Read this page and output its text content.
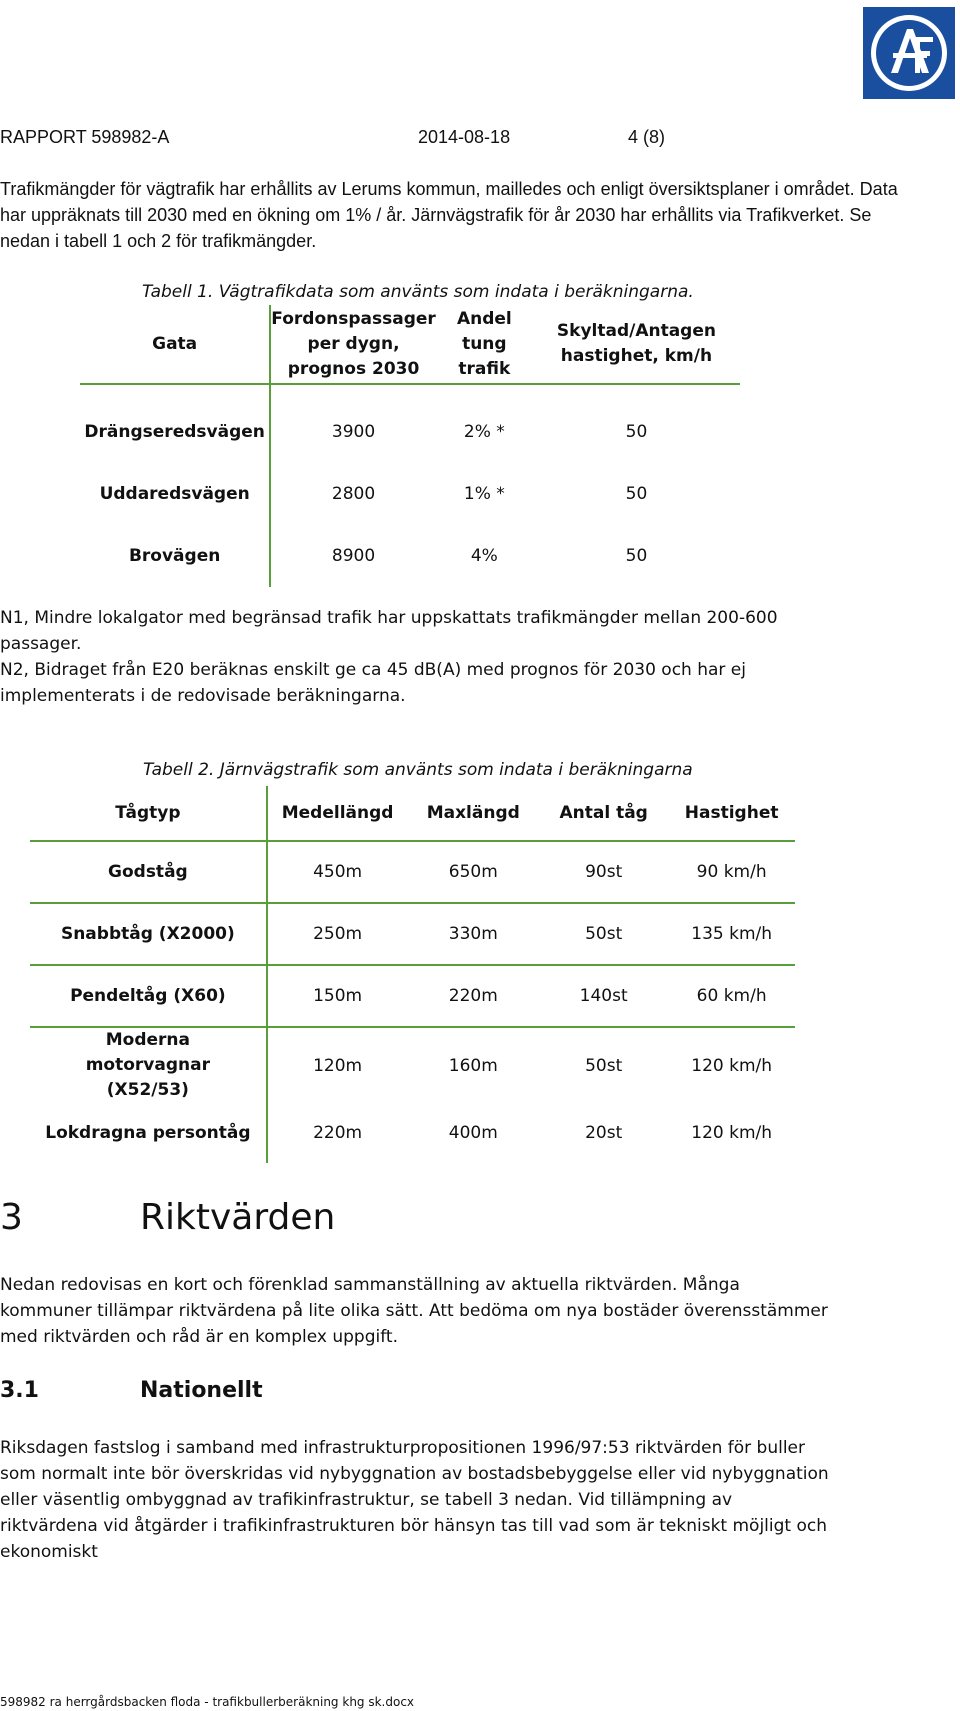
RAPPORT 598982-A	2014-08-18	4 (8)
Trafikmängder för vägtrafik har erhållits av Lerums kommun, mailledes och enligt översiktsplaner i området. Data har uppräknats till 2030 med en ökning om 1% / år. Järnvägstrafik för år 2030 har erhållits via Trafikverket. Se nedan i tabell 1 och 2 för trafikmängder.
Tabell 1. Vägtrafikdata som använts som indata i beräkningarna.
Gata	Fordonspassager per dygn, prognos 2030	Andel tung trafik	Skyltad/Antagen hastighet, km/h

Drängseredsvägen	3900	2% *	50
Uddaredsvägen	2800	1% *	50
Brovägen	8900	4%	50
N1, Mindre lokalgator med begränsad trafik har uppskattats trafikmängder mellan 200-600 passager.
N2, Bidraget från E20 beräknas enskilt ge ca 45 dB(A) med prognos för 2030 och har ej implementerats i de redovisade beräkningarna.
Tabell 2. Järnvägstrafik som använts som indata i beräkningarna
Tågtyp	Medellängd	Maxlängd	Antal tåg	Hastighet
Godståg	450m	650m	90st	90 km/h
Snabbtåg (X2000)	250m	330m	50st	135 km/h
Pendeltåg (X60)	150m	220m	140st	60 km/h
Moderna motorvagnar (X52/53)	120m	160m	50st	120 km/h
Lokdragna persontåg	220m	400m	20st	120 km/h
3	Riktvärden
Nedan redovisas en kort och förenklad sammanställning av aktuella riktvärden. Många kommuner tillämpar riktvärdena på lite olika sätt. Att bedöma om nya bostäder överensstämmer med riktvärden och råd är en komplex uppgift.
3.1	Nationellt
Riksdagen fastslog i samband med infrastrukturpropositionen 1996/97:53 riktvärden för buller som normalt inte bör överskridas vid nybyggnation av bostadsbebyggelse eller vid nybyggnation eller väsentlig ombyggnad av trafikinfrastruktur, se tabell 3 nedan. Vid tillämpning av riktvärdena vid åtgärder i trafikinfrastrukturen bör hänsyn tas till vad som är tekniskt möjligt och ekonomiskt
598982 ra herrgårdsbacken floda - trafikbullerberäkning khg sk.docx
